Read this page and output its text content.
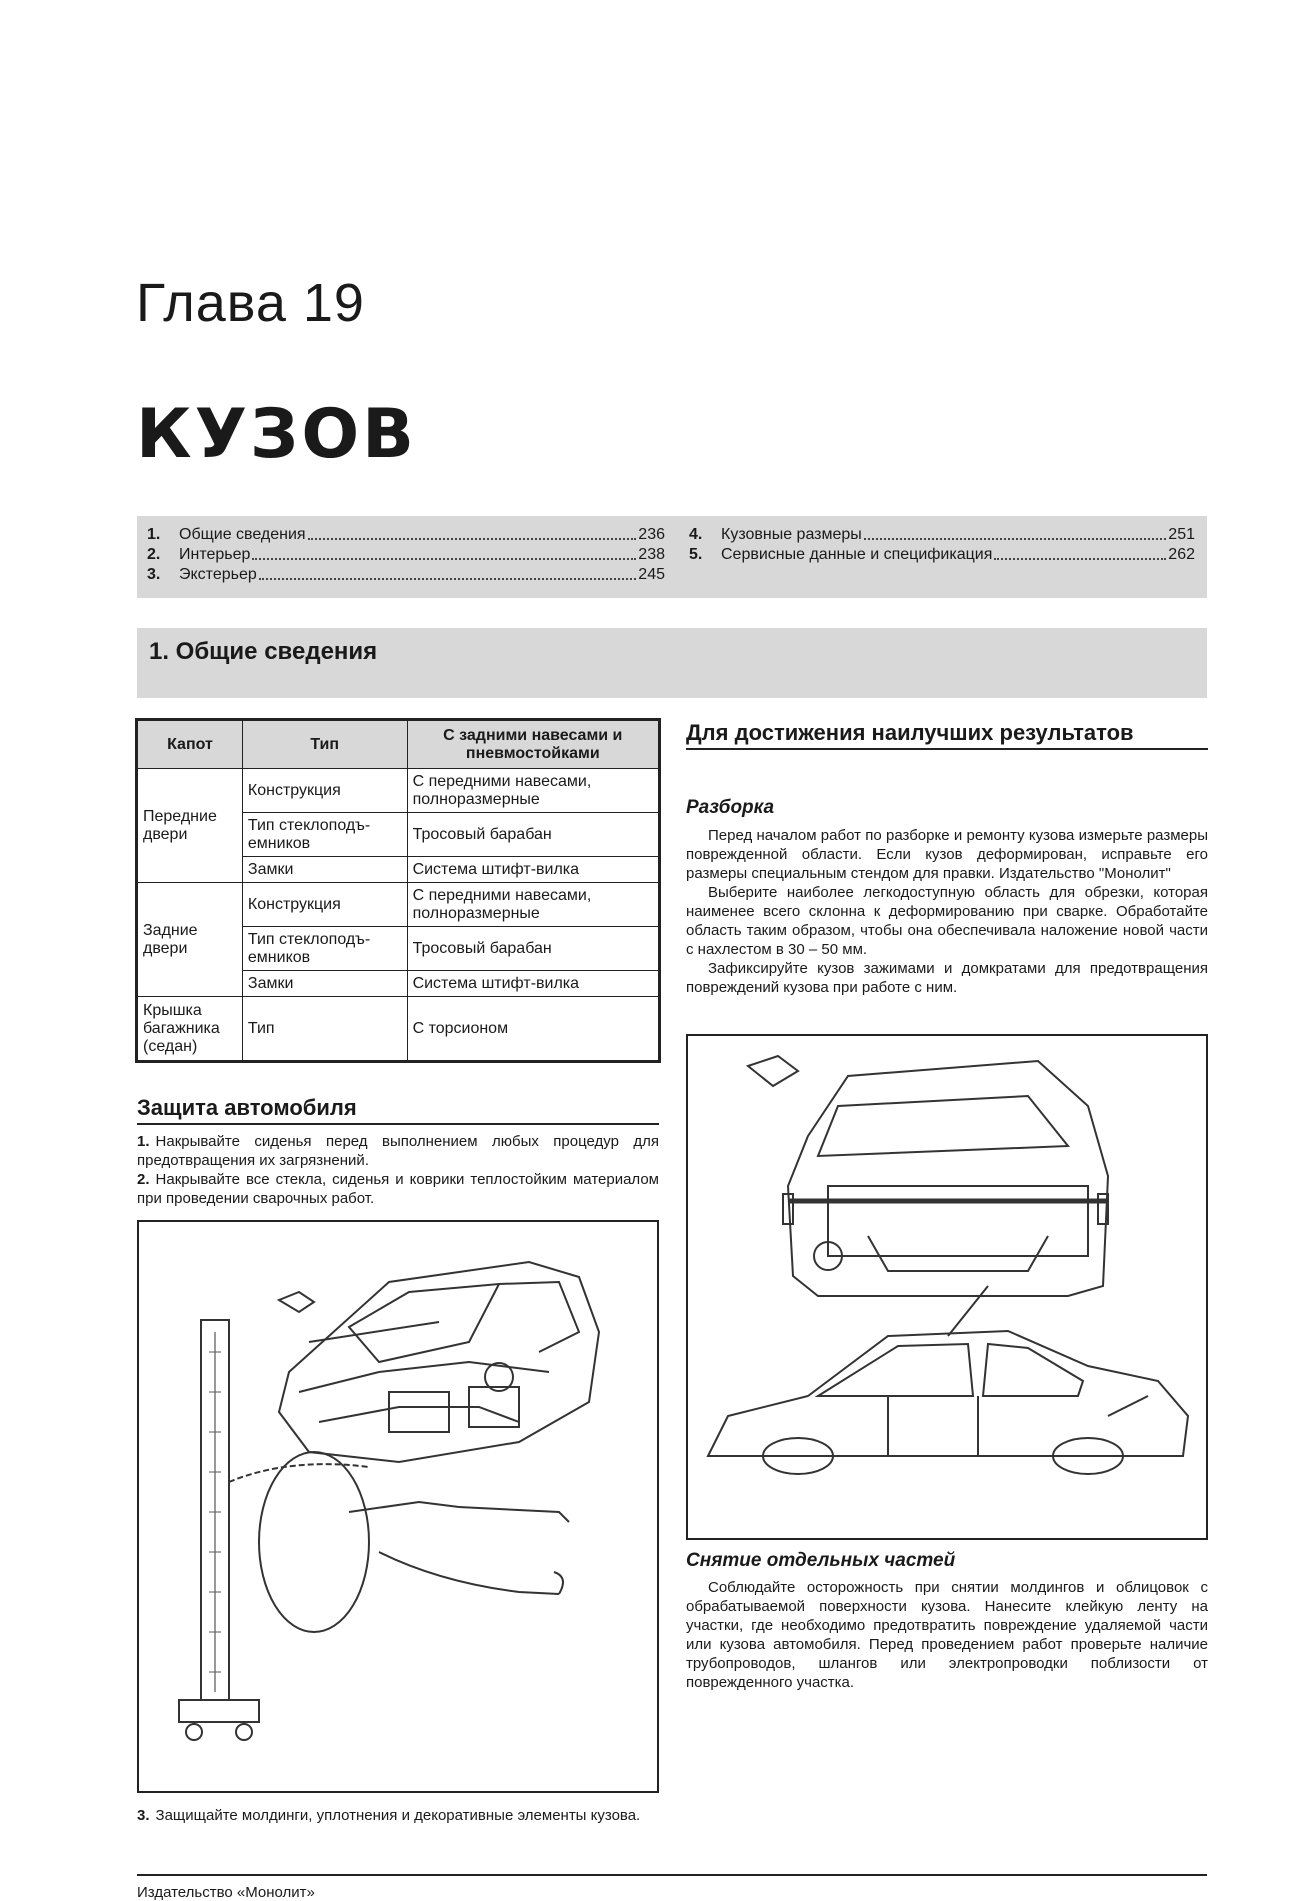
Глава 19
КУЗОВ
1.	Общие сведения	236
2.	Интерьер	238
3.	Экстерьер	245
4.	Кузовные размеры	251
5.	Сервисные данные и спецификация	262
1. Общие сведения
Капот	Тип	С задними навесами и пневмостойками
Передние двери	Конструкция	С передними навесами, полноразмерные
	Тип стеклоподъ-емников	Тросовый барабан
	Замки	Система штифт-вилка
Задние двери	Конструкция	С передними навесами, полноразмерные
	Тип стеклоподъ-емников	Тросовый барабан
	Замки	Система штифт-вилка
Крышка багажника (седан)	Тип	С торсионом
Защита автомобиля
1. Накрывайте сиденья перед выполнением любых процедур для предотвращения их загрязнений.
2. Накрывайте все стекла, сиденья и коврики теплостойким материалом при проведении сварочных работ.
3. Защищайте молдинги, уплотнения и декоративные элементы кузова.
Для достижения наилучших результатов
Разборка

Перед началом работ по разборке и ремонту кузова измерьте размеры поврежденной области. Если кузов деформирован, исправьте его размеры специальным стендом для правки. Издательство "Монолит"

Выберите наиболее легкодоступную область для обрезки, которая наименее всего склонна к деформированию при сварке. Обработайте область таким образом, чтобы она обеспечивала наложение новой части с нахлестом в 30 – 50 мм.

Зафиксируйте кузов зажимами и домкратами для предотвращения повреждений кузова при работе с ним.

Снятие отдельных частей

Соблюдайте осторожность при снятии молдингов и облицовок с обрабатываемой поверхности кузова. Нанесите клейкую ленту на участки, где необходимо предотвратить повреждение удаляемой части или кузова автомобиля. Перед проведением работ проверьте наличие трубопроводов, шлангов или электропроводки поблизости от поврежденного участка.

Издательство «Монолит»
